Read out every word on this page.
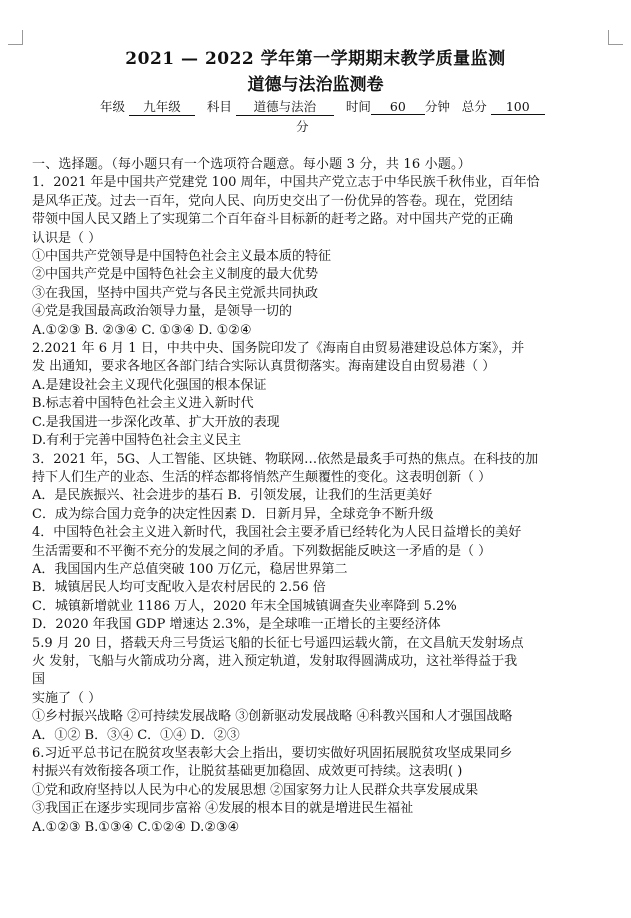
2021 — 2022 学年第一学期期末教学质量监测
道德与法治监测卷
年级 九年级 科目 道德与法治 时间 60 分钟 总分 100
分

一、选择题。（每小题只有一个选项符合题意。每小题 3 分，共 16 小题。）

1．2021 年是中国共产党建党 100 周年，中国共产党立志于中华民族千秋伟业，百年恰

是风华正茂。过去一百年，党向人民、向历史交出了一份优异的答卷。现在，党团结

带领中国人民又踏上了实现第二个百年奋斗目标新的赶考之路。对中国共产党的正确

认识是（ ）

①中国共产党领导是中国特色社会主义最本质的特征

②中国共产党是中国特色社会主义制度的最大优势

③在我国，坚持中国共产党与各民主党派共同执政

④党是我国最高政治领导力量，是领导一切的

A.①②③ B. ②③④ C. ①③④ D. ①②④

2.2021 年 6 月 1 日，中共中央、国务院印发了《海南自由贸易港建设总体方案》，并

发 出通知，要求各地区各部门结合实际认真贯彻落实。海南建设自由贸易港（ ）

A.是建设社会主义现代化强国的根本保证

B.标志着中国特色社会主义进入新时代

C.是我国进一步深化改革、扩大开放的表现

D.有利于完善中国特色社会主义民主

3．2021 年，5G、人工智能、区块链、物联网…依然是最炙手可热的焦点。在科技的加

持下人们生产的业态、生活的样态都将悄然产生颠覆性的变化。这表明创新（ ）

A．是民族振兴、社会进步的基石 B．引领发展，让我们的生活更美好

C．成为综合国力竞争的决定性因素 D．日新月异，全球竞争不断升级

4．中国特色社会主义进入新时代，我国社会主要矛盾已经转化为人民日益增长的美好

生活需要和不平衡不充分的发展之间的矛盾。下列数据能反映这一矛盾的是（ ）

A．我国国内生产总值突破 100 万亿元，稳居世界第二

B．城镇居民人均可支配收入是农村居民的 2.56 倍

C．城镇新增就业 1186 万人，2020 年末全国城镇调查失业率降到 5.2%

D．2020 年我国 GDP 增速达 2.3%，是全球唯一正增长的主要经济体

5.9 月 20 日，搭载天舟三号货运飞船的长征七号遥四运载火箭，在文昌航天发射场点

火 发射，飞船与火箭成功分离，进入预定轨道，发射取得圆满成功，这社举得益于我

国

实施了（ ）

①乡村振兴战略 ②可持续发展战略 ③创新驱动发展战略 ④科教兴国和人才强国战略

A．①② B．③④ C．①④ D．②③

6.习近平总书记在脱贫攻坚表彰大会上指出，要切实做好巩固拓展脱贫攻坚成果同乡

村振兴有效衔接各项工作，让脱贫基础更加稳固、成效更可持续。这表明( )

①党和政府坚持以人民为中心的发展思想 ②国家努力让人民群众共享发展成果

③我国正在逐步实现同步富裕 ④发展的根本目的就是增进民生福祉

A.①②③ B.①③④ C.①②④ D.②③④
